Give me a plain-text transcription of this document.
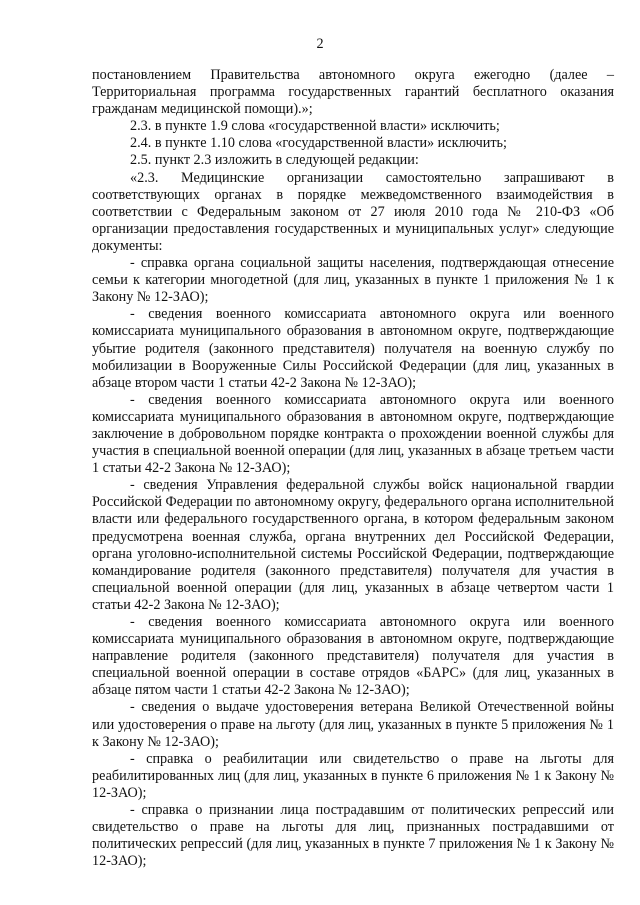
2

постановлением Правительства автономного округа ежегодно (далее – Территориальная программа государственных гарантий бесплатного оказания гражданам медицинской помощи).»;

2.3. в пункте 1.9 слова «государственной власти» исключить;

2.4. в пункте 1.10 слова «государственной власти» исключить;

2.5. пункт 2.3 изложить в следующей редакции:

«2.3. Медицинские организации самостоятельно запрашивают в соответствующих органах в порядке межведомственного взаимодействия в соответствии с Федеральным законом от 27 июля 2010 года № 210-ФЗ «Об организации предоставления государственных и муниципальных услуг» следующие документы:

- справка органа социальной защиты населения, подтверждающая отнесение семьи к категории многодетной (для лиц, указанных в пункте 1 приложения № 1 к Закону № 12-ЗАО);

- сведения военного комиссариата автономного округа или военного комиссариата муниципального образования в автономном округе, подтверждающие убытие родителя (законного представителя) получателя на военную службу по мобилизации в Вооруженные Силы Российской Федерации (для лиц, указанных в абзаце втором части 1 статьи 42-2 Закона № 12-ЗАО);

- сведения военного комиссариата автономного округа или военного комиссариата муниципального образования в автономном округе, подтверждающие заключение в добровольном порядке контракта о прохождении военной службы для участия в специальной военной операции (для лиц, указанных в абзаце третьем части 1 статьи 42-2 Закона № 12-ЗАО);

- сведения Управления федеральной службы войск национальной гвардии Российской Федерации по автономному округу, федерального органа исполнительной власти или федерального государственного органа, в котором федеральным законом предусмотрена военная служба, органа внутренних дел Российской Федерации, органа уголовно-исполнительной системы Российской Федерации, подтверждающие командирование родителя (законного представителя) получателя для участия в специальной военной операции (для лиц, указанных в абзаце четвертом части 1 статьи 42-2 Закона № 12-ЗАО);

- сведения военного комиссариата автономного округа или военного комиссариата муниципального образования в автономном округе, подтверждающие направление родителя (законного представителя) получателя для участия в специальной военной операции в составе отрядов «БАРС» (для лиц, указанных в абзаце пятом части 1 статьи 42-2 Закона № 12-ЗАО);

- сведения о выдаче удостоверения ветерана Великой Отечественной войны или удостоверения о праве на льготу (для лиц, указанных в пункте 5 приложения № 1 к Закону № 12-ЗАО);

- справка о реабилитации или свидетельство о праве на льготы для реабилитированных лиц (для лиц, указанных в пункте 6 приложения № 1 к Закону № 12-ЗАО);

- справка о признании лица пострадавшим от политических репрессий или свидетельство о праве на льготы для лиц, признанных пострадавшими от политических репрессий (для лиц, указанных в пункте 7 приложения № 1 к Закону № 12-ЗАО);
